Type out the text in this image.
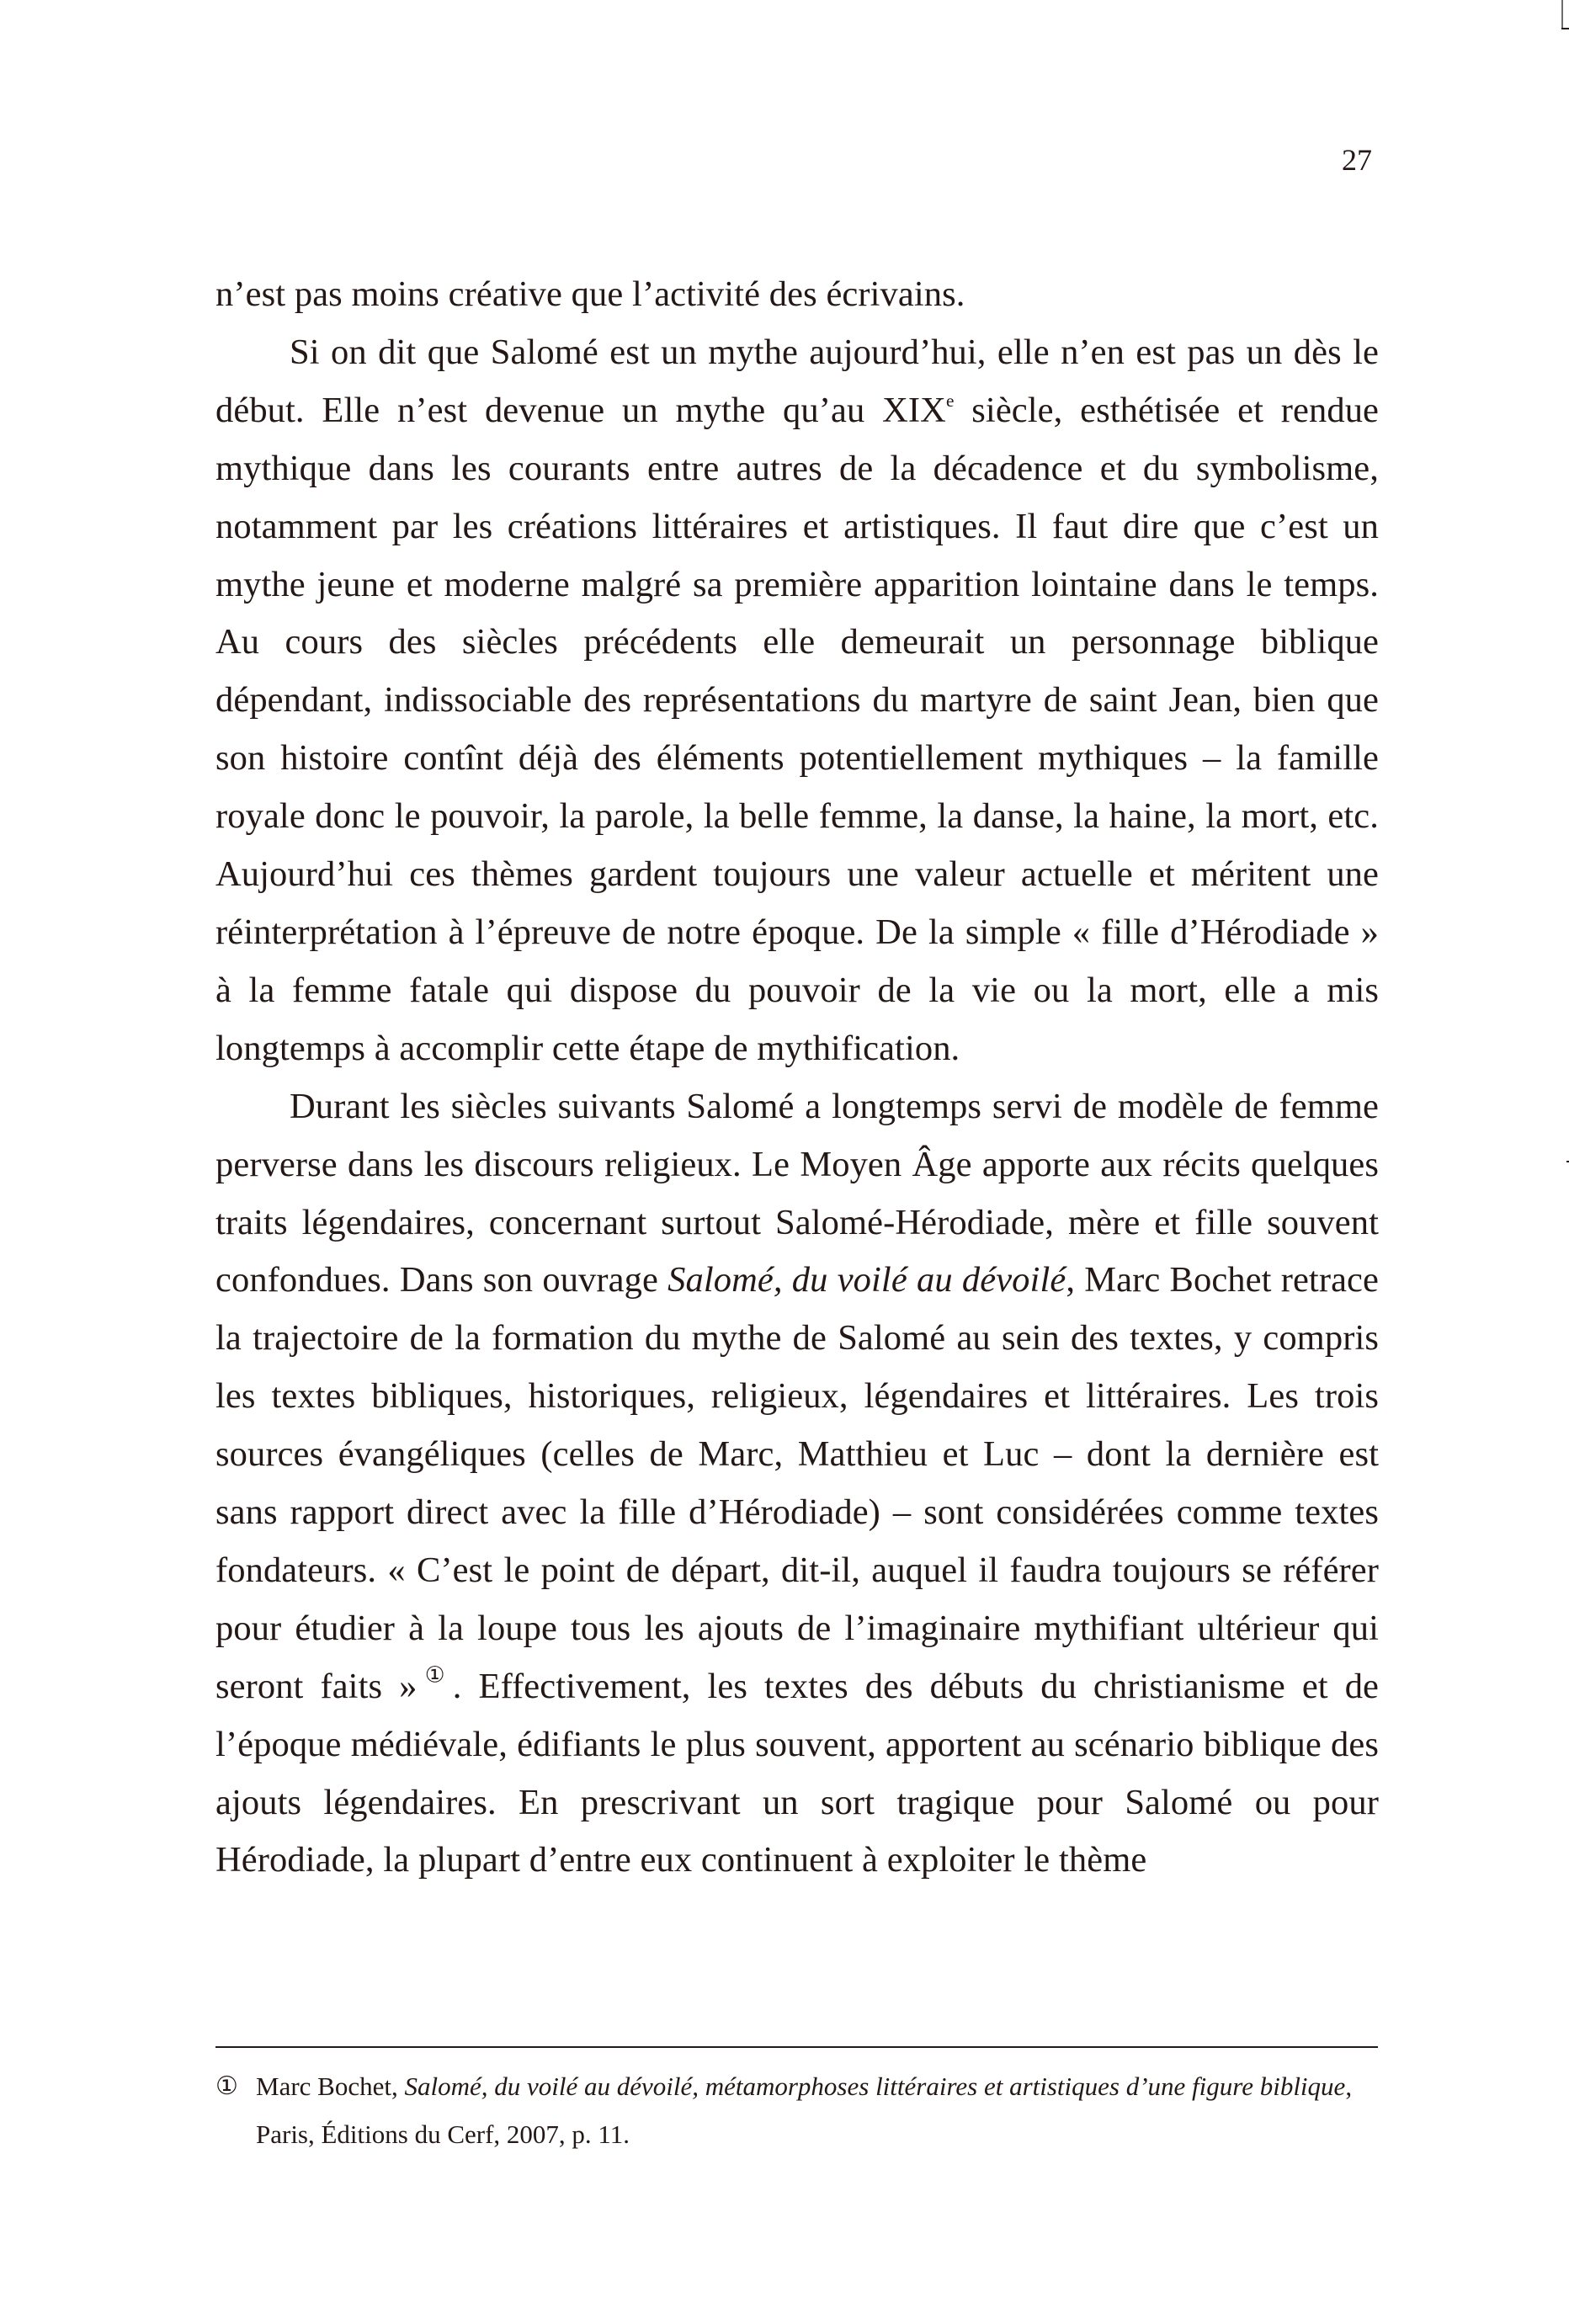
27

n’est pas moins créative que l’activité des écrivains.

Si on dit que Salomé est un mythe aujourd’hui, elle n’en est pas un dès le début. Elle n’est devenue un mythe qu’au XIXe siècle, esthétisée et rendue mythique dans les courants entre autres de la décadence et du symbolisme, notamment par les créations littéraires et artistiques. Il faut dire que c’est un mythe jeune et moderne malgré sa première apparition lointaine dans le temps. Au cours des siècles précédents elle demeurait un personnage biblique dépendant, indissociable des représentations du martyre de saint Jean, bien que son histoire contînt déjà des éléments potentiellement mythiques – la famille royale donc le pouvoir, la parole, la belle femme, la danse, la haine, la mort, etc. Aujourd’hui ces thèmes gardent toujours une valeur actuelle et méritent une réinterprétation à l’épreuve de notre époque. De la simple « fille d’Hérodiade » à la femme fatale qui dispose du pouvoir de la vie ou la mort, elle a mis longtemps à accomplir cette étape de mythification.

Durant les siècles suivants Salomé a longtemps servi de modèle de femme perverse dans les discours religieux. Le Moyen Âge apporte aux récits quelques traits légendaires, concernant surtout Salomé-Hérodiade, mère et fille souvent confondues. Dans son ouvrage Salomé, du voilé au dévoilé, Marc Bochet retrace la trajectoire de la formation du mythe de Salomé au sein des textes, y compris les textes bibliques, historiques, religieux, légendaires et littéraires. Les trois sources évangéliques (celles de Marc, Matthieu et Luc – dont la dernière est sans rapport direct avec la fille d’Hérodiade) – sont considérées comme textes fondateurs. « C’est le point de départ, dit-il, auquel il faudra toujours se référer pour étudier à la loupe tous les ajouts de l’imaginaire mythifiant ultérieur qui seront faits »①. Effectivement, les textes des débuts du christianisme et de l’époque médiévale, édifiants le plus souvent, apportent au scénario biblique des ajouts légendaires. En prescrivant un sort tragique pour Salomé ou pour Hérodiade, la plupart d’entre eux continuent à exploiter le thème

① Marc Bochet, Salomé, du voilé au dévoilé, métamorphoses littéraires et artistiques d’une figure biblique, Paris, Éditions du Cerf, 2007, p. 11.
